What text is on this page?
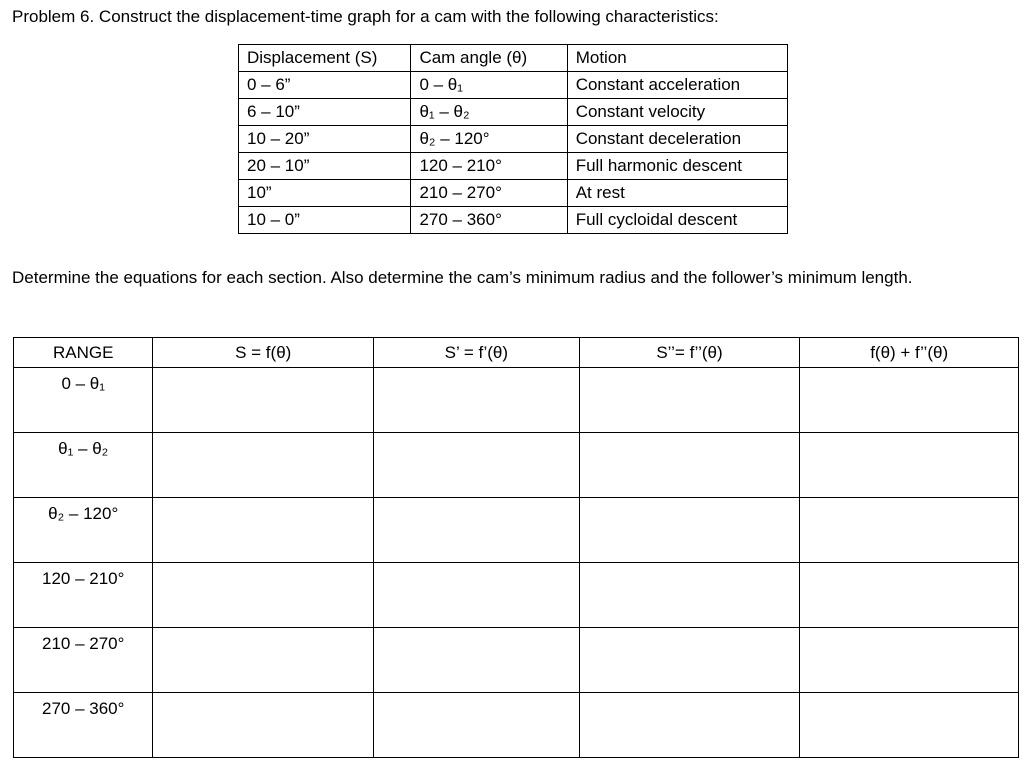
Problem 6. Construct the displacement-time graph for a cam with the following characteristics:
Displacement (S)	Cam angle (θ)	Motion
0 – 6”	0 – θ₁	Constant acceleration
6 – 10”	θ₁ – θ₂	Constant velocity
10 – 20”	θ₂ – 120°	Constant deceleration
20 – 10”	120 – 210°	Full harmonic descent
10”	210 – 270°	At rest
10 – 0”	270 – 360°	Full cycloidal descent
Determine the equations for each section. Also determine the cam’s minimum radius and the follower’s minimum length.
RANGE	S = f(θ)	S’ = f’(θ)	S’’= f’’(θ)	f(θ) + f’’(θ)
0 – θ₁				
θ₁ – θ₂				
θ₂ – 120°				
120 – 210°				
210 – 270°				
270 – 360°				
